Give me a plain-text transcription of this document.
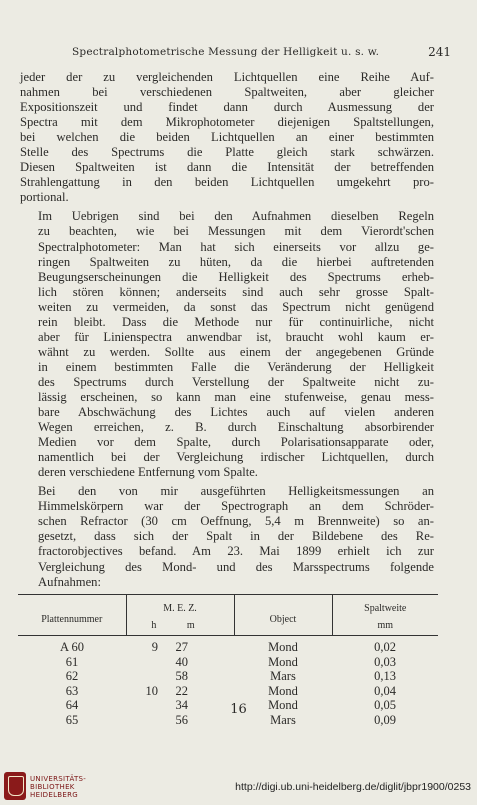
Spectralphotometrische Messung der Helligkeit u. s. w.	241

jeder der zu vergleichenden Lichtquellen eine Reihe Auf-
nahmen bei verschiedenen Spaltweiten, aber gleicher
Expositionszeit und findet dann durch Ausmessung der
Spectra mit dem Mikrophotometer diejenigen Spaltstellungen,
bei welchen die beiden Lichtquellen an einer bestimmten
Stelle des Spectrums die Platte gleich stark schwärzen.
Diesen Spaltweiten ist dann die Intensität der betreffenden
Strahlengattung in den beiden Lichtquellen umgekehrt pro-
portional.

Im Uebrigen sind bei den Aufnahmen dieselben Regeln
zu beachten, wie bei Messungen mit dem Vierordt'schen
Spectralphotometer: Man hat sich einerseits vor allzu ge-
ringen Spaltweiten zu hüten, da die hierbei auftretenden
Beugungserscheinungen die Helligkeit des Spectrums erheb-
lich stören können; anderseits sind auch sehr grosse Spalt-
weiten zu vermeiden, da sonst das Spectrum nicht genügend
rein bleibt. Dass die Methode nur für continuirliche, nicht
aber für Linienspectra anwendbar ist, braucht wohl kaum er-
wähnt zu werden. Sollte aus einem der angegebenen Gründe
in einem bestimmten Falle die Veränderung der Helligkeit
des Spectrums durch Verstellung der Spaltweite nicht zu-
lässig erscheinen, so kann man eine stufenweise, genau mess-
bare Abschwächung des Lichtes auch auf vielen anderen
Wegen erreichen, z. B. durch Einschaltung absorbirender
Medien vor dem Spalte, durch Polarisationsapparate oder,
namentlich bei der Vergleichung irdischer Lichtquellen, durch
deren verschiedene Entfernung vom Spalte.

Bei den von mir ausgeführten Helligkeitsmessungen an
Himmelskörpern war der Spectrograph an dem Schröder-
schen Refractor (30 cm Oeffnung, 5,4 m Brennweite) so an-
gesetzt, dass sich der Spalt in der Bildebene des Re-
fractorobjectives befand. Am 23. Mai 1899 erhielt ich zur
Vergleichung des Mond- und des Marsspectrums folgende
Aufnahmen:

Plattennummer	M. E. Z.	Object	Spaltweite
	h m		mm
A 60	9 27	Mond	0,02
61	40	Mond	0,03
62	58	Mars	0,13
63	10 22	Mond	0,04
64	34	Mond	0,05
65	56	Mars	0,09
16
UNIVERSITÄTS-
BIBLIOTHEK
HEIDELBERG
http://digi.ub.uni-heidelberg.de/diglit/jbpr1900/0253
